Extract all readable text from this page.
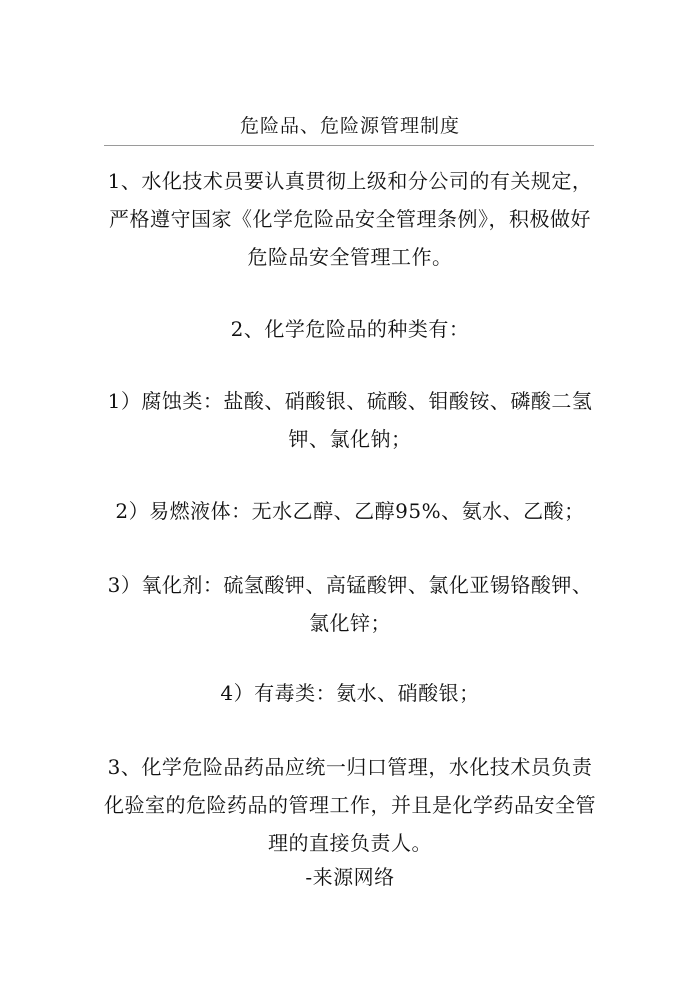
危险品、危险源管理制度
1、水化技术员要认真贯彻上级和分公司的有关规定，严格遵守国家《化学危险品安全管理条例》，积极做好危险品安全管理工作。
2、化学危险品的种类有：
1）腐蚀类：盐酸、硝酸银、硫酸、钼酸铵、磷酸二氢钾、氯化钠；
2）易燃液体：无水乙醇、乙醇95%、氨水、乙酸；
3）氧化剂：硫氢酸钾、高锰酸钾、氯化亚锡铬酸钾、氯化锌；
4）有毒类：氨水、硝酸银；
3、化学危险品药品应统一归口管理，水化技术员负责化验室的危险药品的管理工作，并且是化学药品安全管理的直接负责人。
-来源网络
